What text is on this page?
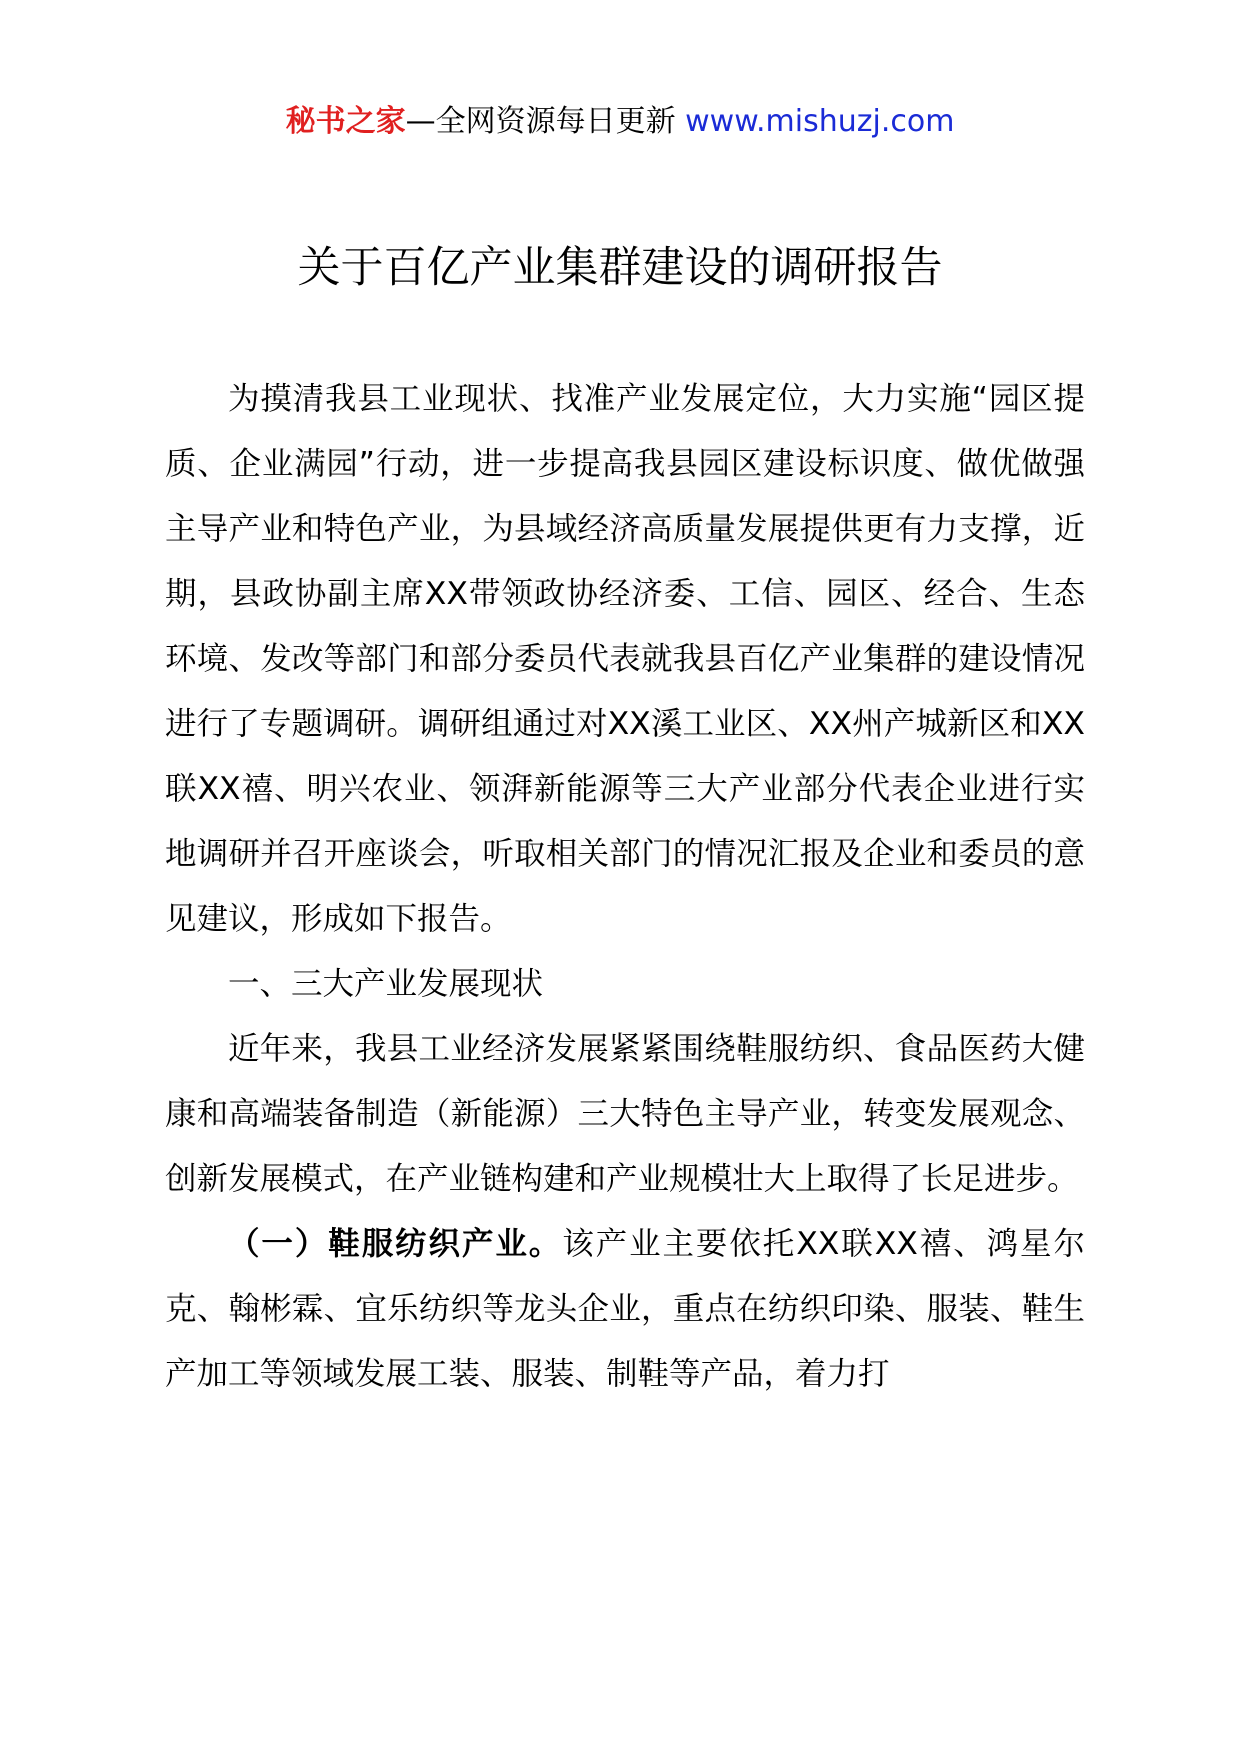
秘书之家—全网资源每日更新 www.mishuzj.com
关于百亿产业集群建设的调研报告

为摸清我县工业现状、找准产业发展定位，大力实施“园区提质、企业满园”行动，进一步提高我县园区建设标识度、做优做强主导产业和特色产业，为县域经济高质量发展提供更有力支撑，近期，县政协副主席XX带领政协经济委、工信、园区、经合、生态环境、发改等部门和部分委员代表就我县百亿产业集群的建设情况进行了专题调研。调研组通过对XX溪工业区、XX州产城新区和XX联XX禧、明兴农业、领湃新能源等三大产业部分代表企业进行实地调研并召开座谈会，听取相关部门的情况汇报及企业和委员的意见建议，形成如下报告。

一、三大产业发展现状

近年来，我县工业经济发展紧紧围绕鞋服纺织、食品医药大健康和高端装备制造（新能源）三大特色主导产业，转变发展观念、创新发展模式，在产业链构建和产业规模壮大上取得了长足进步。

（一）鞋服纺织产业。该产业主要依托XX联XX禧、鸿星尔克、翰彬霖、宜乐纺织等龙头企业，重点在纺织印染、服装、鞋生产加工等领域发展工装、服装、制鞋等产品，着力打
